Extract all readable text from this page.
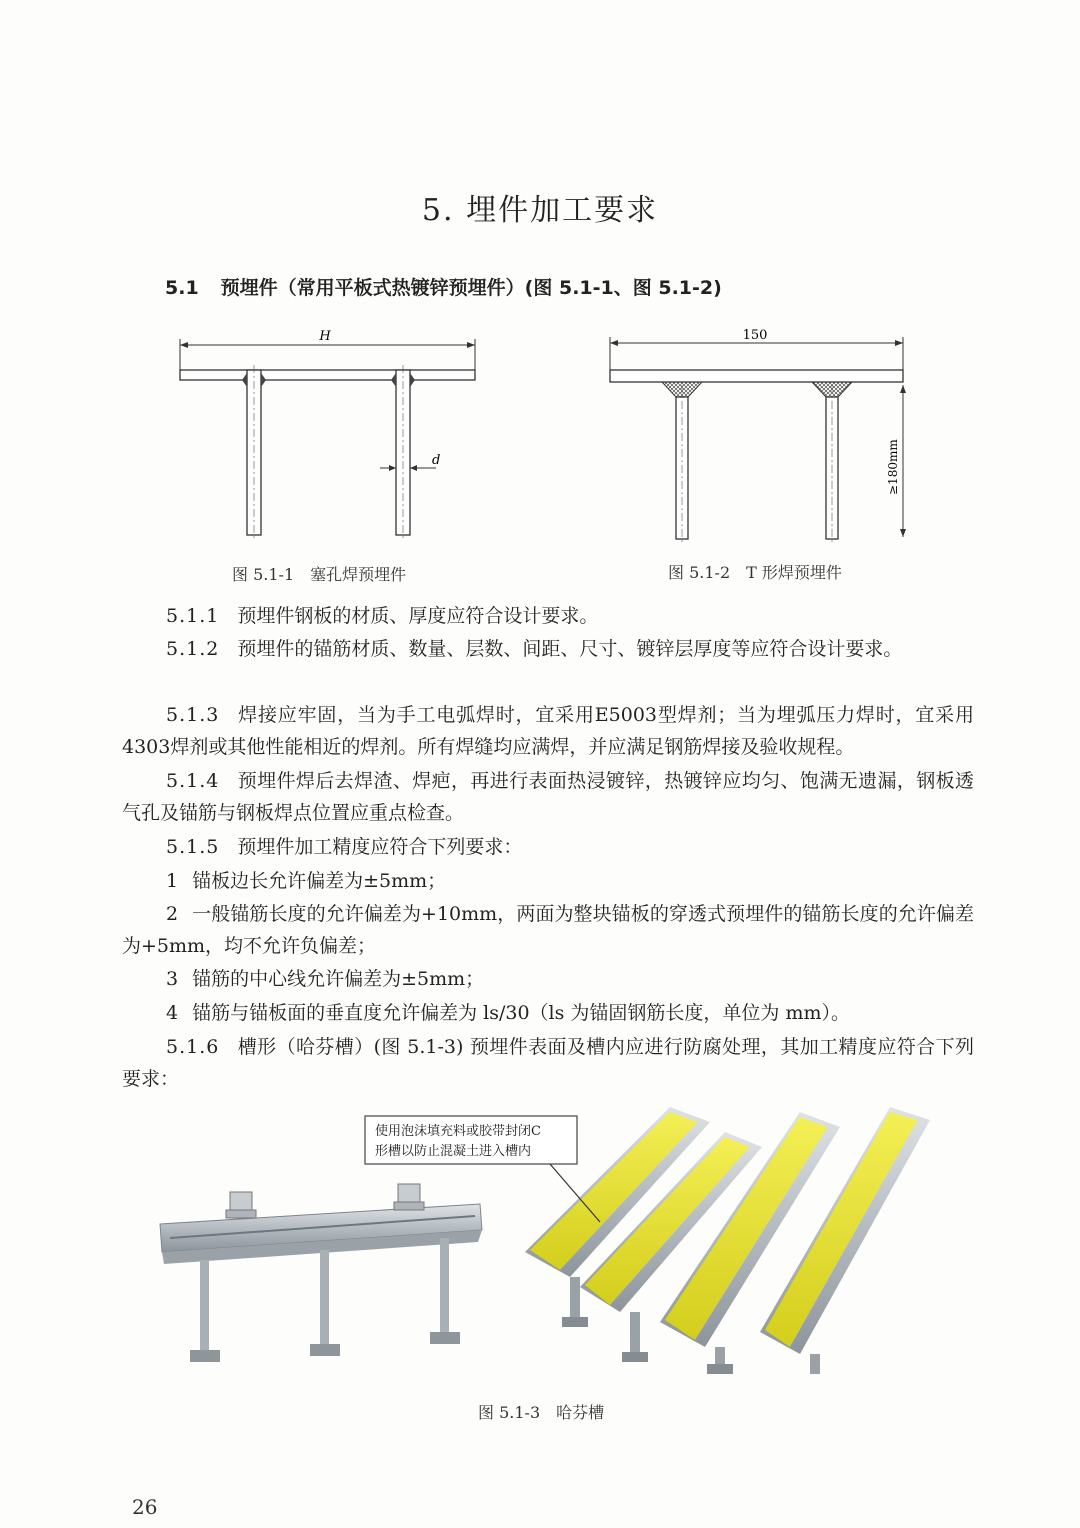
5. 埋件加工要求
5.1 预埋件（常用平板式热镀锌预埋件）(图 5.1-1、图 5.1-2)
H
d
图 5.1-1　塞孔焊预埋件
150
≥180mm
图 5.1-2　T 形焊预埋件
5.1.1 预埋件钢板的材质、厚度应符合设计要求。
5.1.2 预埋件的锚筋材质、数量、层数、间距、尺寸、镀锌层厚度等应符合设计要求。
5.1.3 焊接应牢固，当为手工电弧焊时，宜采用E5003型焊剂；当为埋弧压力焊时，宜采用4303焊剂或其他性能相近的焊剂。所有焊缝均应满焊，并应满足钢筋焊接及验收规程。
5.1.4 预埋件焊后去焊渣、焊疤，再进行表面热浸镀锌，热镀锌应均匀、饱满无遗漏，钢板透气孔及锚筋与钢板焊点位置应重点检查。
5.1.5 预埋件加工精度应符合下列要求：
1 锚板边长允许偏差为±5mm；
2 一般锚筋长度的允许偏差为+10mm，两面为整块锚板的穿透式预埋件的锚筋长度的允许偏差为+5mm，均不允许负偏差；
3 锚筋的中心线允许偏差为±5mm；
4 锚筋与锚板面的垂直度允许偏差为 ls/30（ls 为锚固钢筋长度，单位为 mm）。
5.1.6 槽形（哈芬槽）(图 5.1-3) 预埋件表面及槽内应进行防腐处理，其加工精度应符合下列要求：
使用泡沫填充料或胶带封闭C
形槽以防止混凝土进入槽内
图 5.1-3　哈芬槽
26
